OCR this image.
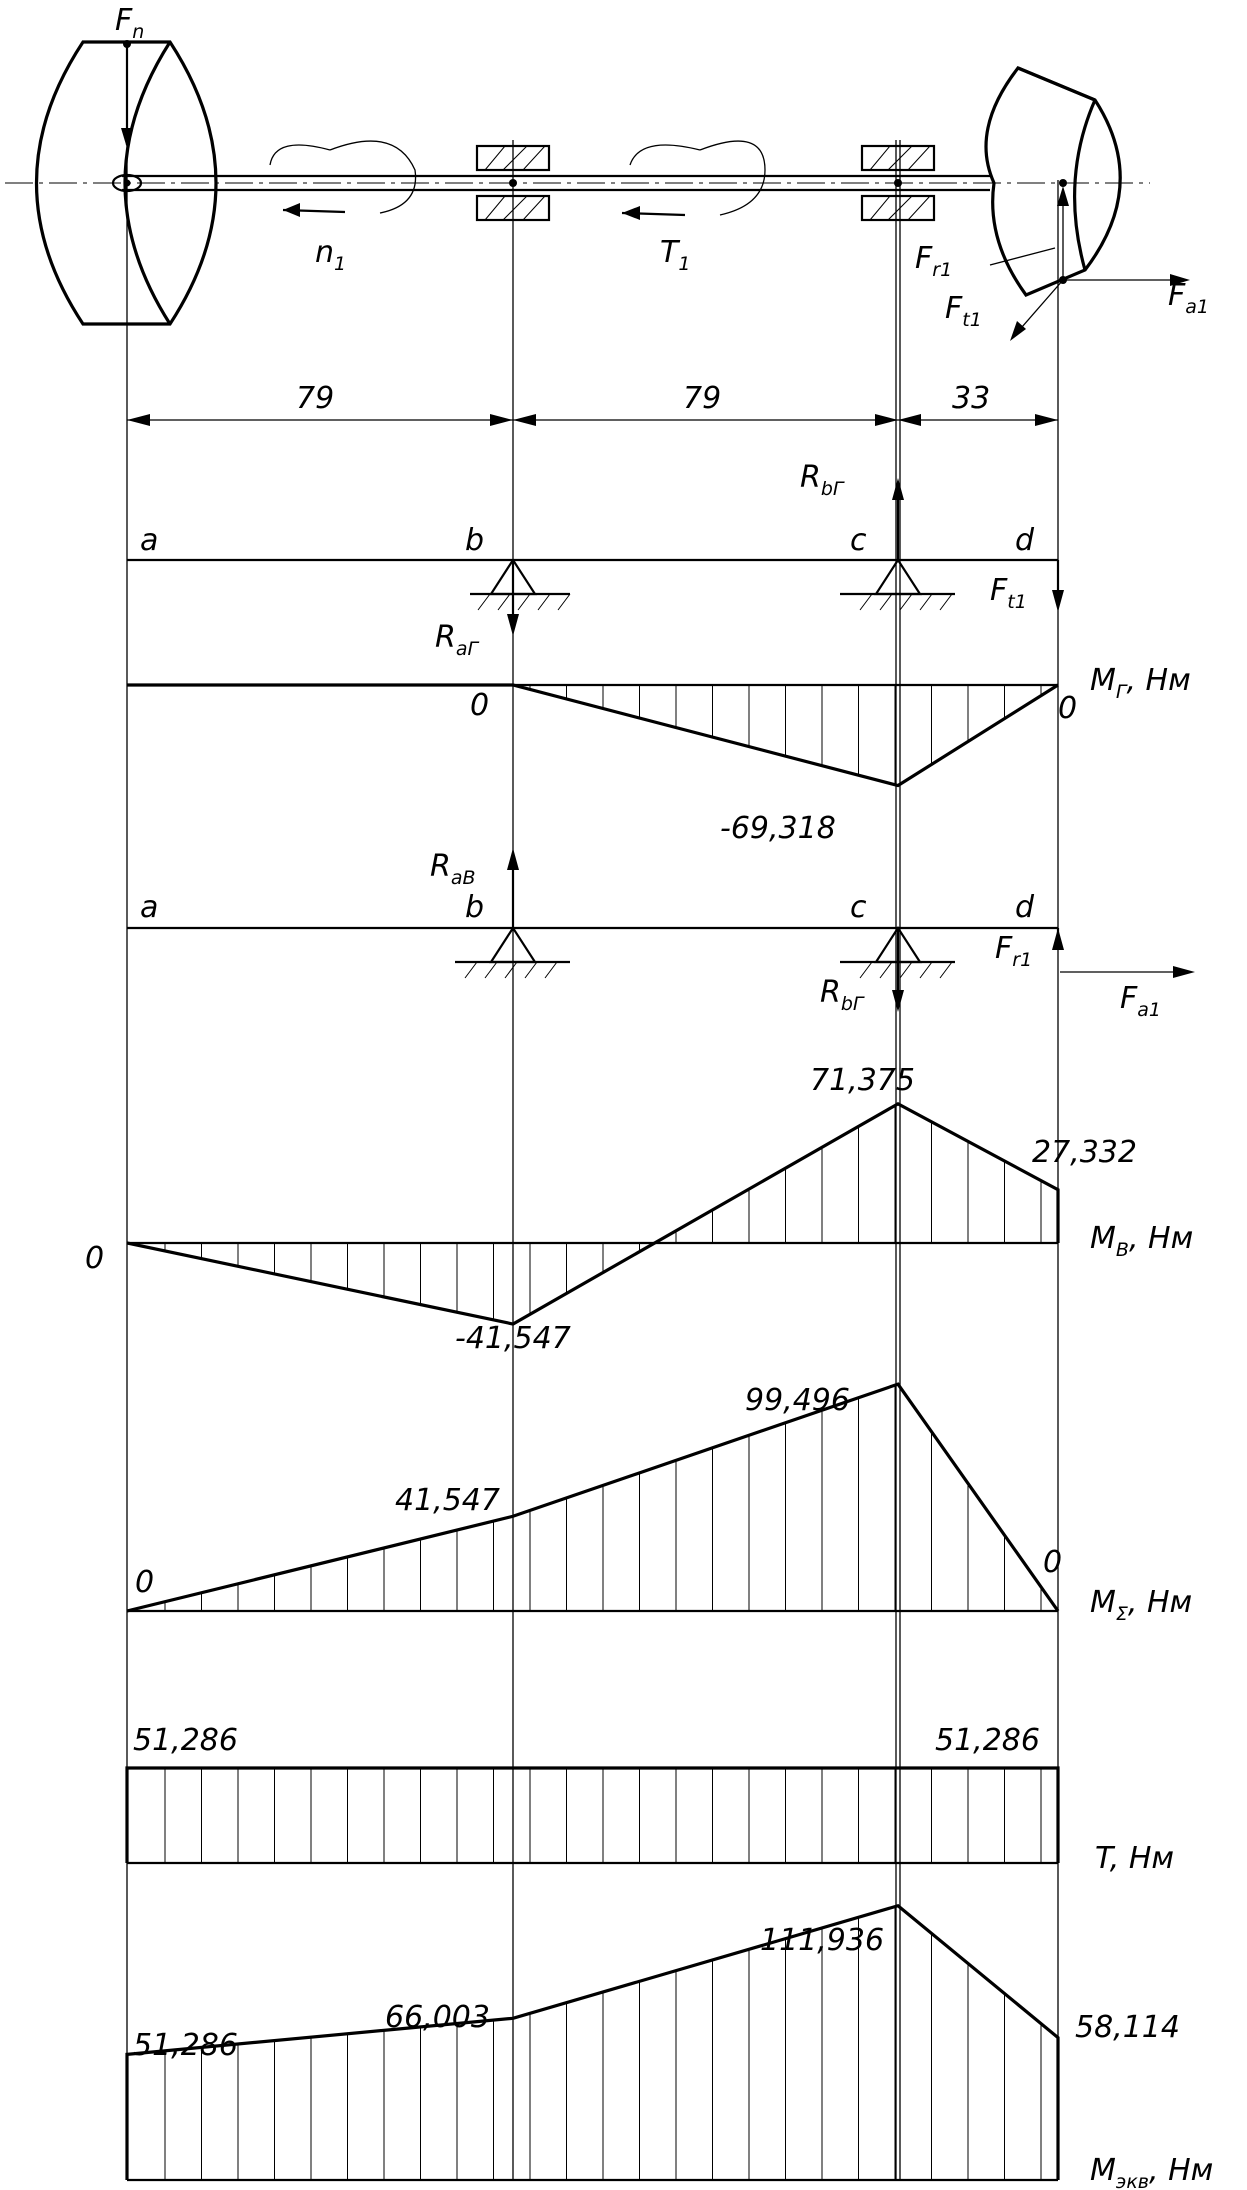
$F_n$
$n_1$	$T_1$	$F_{r1}$
$F_{t1}$
$F_{a1}$
79	79	33
a	b	c	d
$R_{bГ}$
$R_{aГ}$
$F_{t1}$
0
-69,318
0
$M_Г$, Нм
a	b	c	d
$R_{aВ}$
$R_{bГ}$
$F_{r1}$
$F_{a1}$
0
-41,547
71,375
27,332
$M_В$, Нм
0
41,547
99,496
0
$M_\Sigma$, Нм
51,286	51,286
T, Нм
51,286
66,003
111,936
58,114
$M_{экв}$, Нм
